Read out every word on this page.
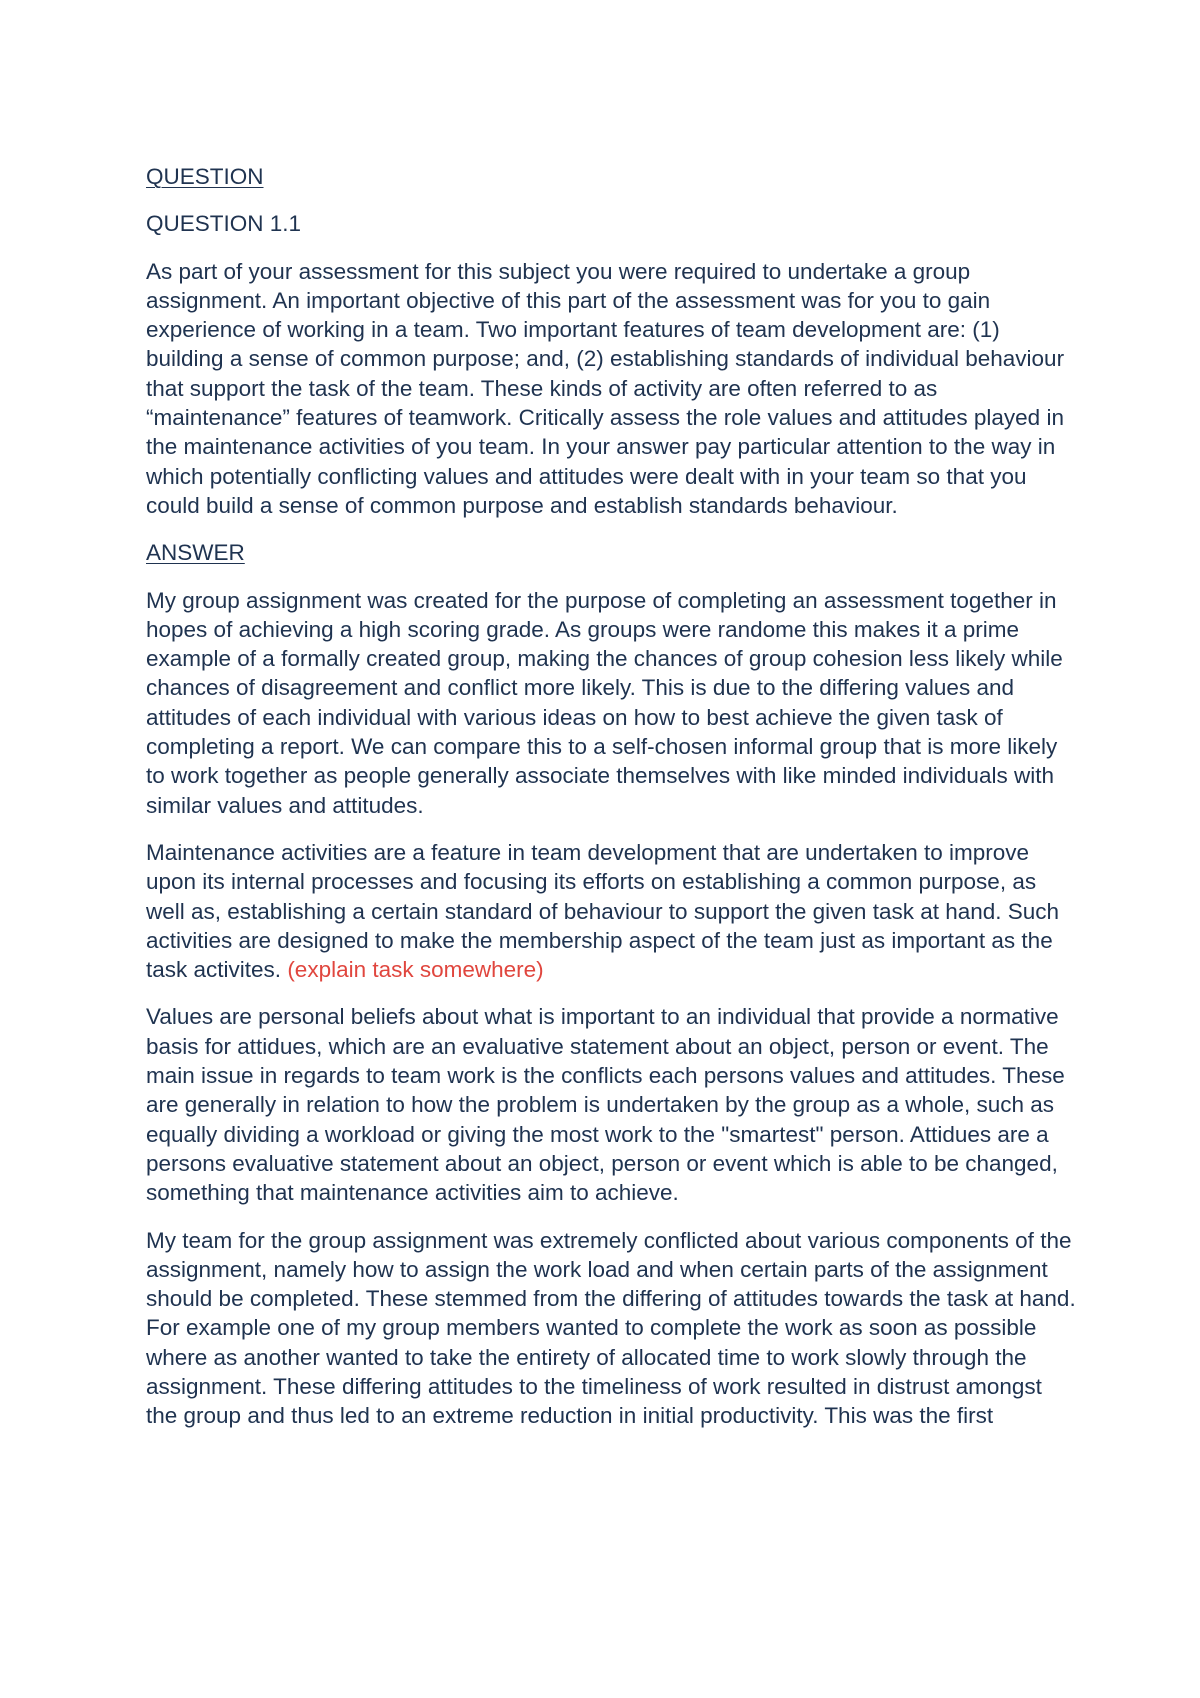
QUESTION
QUESTION 1.1

As part of your assessment for this subject you were required to undertake a group assignment. An important objective of this part of the assessment was for you to gain experience of working in a team. Two important features of team development are: (1) building a sense of common purpose; and, (2) establishing standards of individual behaviour that support the task of the team. These kinds of activity are often referred to as “maintenance” features of teamwork. Critically assess the role values and attitudes played in the maintenance activities of you team. In your answer pay particular attention to the way in which potentially conflicting values and attitudes were dealt with in your team so that you could build a sense of common purpose and establish standards behaviour.

ANSWER

My group assignment was created for the purpose of completing an assessment together in hopes of achieving a high scoring grade. As groups were randome this makes it a prime example of a formally created group, making the chances of group cohesion less likely while chances of disagreement and conflict more likely. This is due to the differing values and attitudes of each individual with various ideas on how to best achieve the given task of completing a report. We can compare this to a self-chosen informal group that is more likely to work together as people generally associate themselves with like minded individuals with similar values and attitudes.

Maintenance activities are a feature in team development that are undertaken to improve upon its internal processes and focusing its efforts on establishing a common purpose, as well as, establishing a certain standard of behaviour to support the given task at hand. Such activities are designed to make the membership aspect of the team just as important as the task activites. (explain task somewhere)

Values are personal beliefs about what is important to an individual that provide a normative basis for attidues, which are an evaluative statement about an object, person or event. The main issue in regards to team work is the conflicts each persons values and attitudes. These are generally in relation to how the problem is undertaken by the group as a whole, such as equally dividing a workload or giving the most work to the "smartest" person. Attidues are a persons evaluative statement about an object, person or event which is able to be changed, something that maintenance activities aim to achieve.

My team for the group assignment was extremely conflicted about various components of the assignment, namely how to assign the work load and when certain parts of the assignment should be completed. These stemmed from the differing of attitudes towards the task at hand. For example one of my group members wanted to complete the work as soon as possible where as another wanted to take the entirety of allocated time to work slowly through the assignment. These differing attitudes to the timeliness of work resulted in distrust amongst the group and thus led to an extreme reduction in initial productivity. This was the first
